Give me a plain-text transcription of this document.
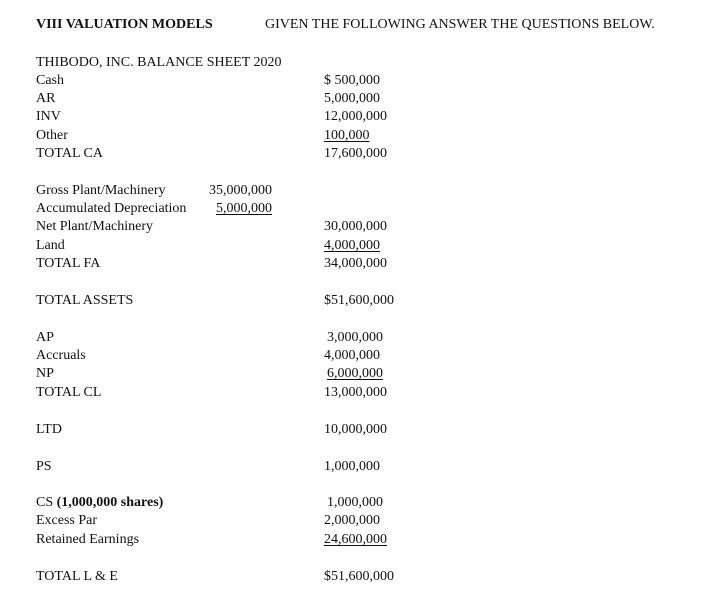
VIII VALUATION MODELS	GIVEN THE FOLLOWING ANSWER THE QUESTIONS BELOW.
THIBODO, INC. BALANCE SHEET 2020
Cash	$ 500,000
AR	5,000,000
INV	12,000,000
Other	100,000
TOTAL CA	17,600,000
Gross Plant/Machinery	35,000,000
Accumulated Depreciation 5,000,000
Net Plant/Machinery	30,000,000
Land	4,000,000
TOTAL FA	34,000,000
TOTAL ASSETS	$51,600,000
AP	3,000,000
Accruals	4,000,000
NP	6,000,000
TOTAL CL	13,000,000
LTD	10,000,000
PS	1,000,000
CS (1,000,000 shares)	1,000,000
Excess Par	2,000,000
Retained Earnings	24,600,000
TOTAL L & E	$51,600,000
